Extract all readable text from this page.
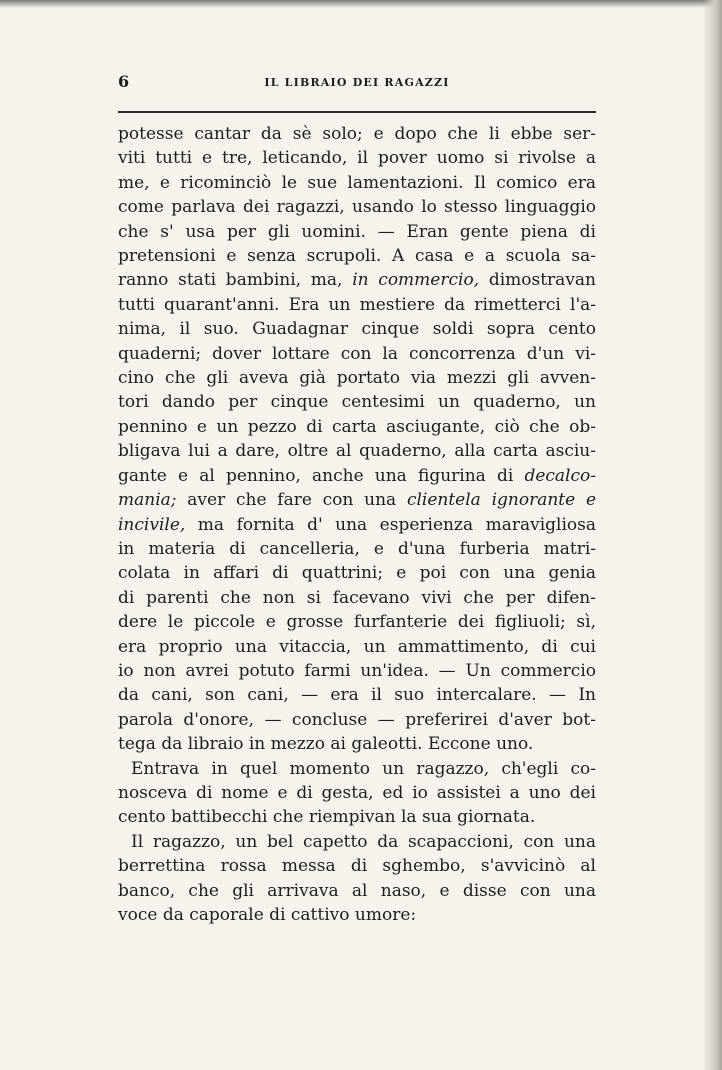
6	IL LIBRAIO DEI RAGAZZI
potesse cantar da sè solo; e dopo che li ebbe ser-
viti tutti e tre, leticando, il pover uomo si rivolse a
me, e ricominciò le sue lamentazioni. Il comico era
come parlava dei ragazzi, usando lo stesso linguaggio
che s' usa per gli uomini. — Eran gente piena di
pretensioni e senza scrupoli. A casa e a scuola sa-
ranno stati bambini, ma, in commercio, dimostravan
tutti quarant'anni. Era un mestiere da rimetterci l'a-
nima, il suo. Guadagnar cinque soldi sopra cento
quaderni; dover lottare con la concorrenza d'un vi-
cino che gli aveva già portato via mezzi gli avven-
tori dando per cinque centesimi un quaderno, un
pennino e un pezzo di carta asciugante, ciò che ob-
bligava lui a dare, oltre al quaderno, alla carta asciu-
gante e al pennino, anche una figurina di decalco-
mania; aver che fare con una clientela ignorante e
incivile, ma fornita d' una esperienza maravigliosa
in materia di cancelleria, e d'una furberia matri-
colata in affari di quattrini; e poi con una genia
di parenti che non si facevano vivi che per difen-
dere le piccole e grosse furfanterie dei figliuoli; sì,
era proprio una vitaccia, un ammattimento, di cui
io non avrei potuto farmi un'idea. — Un commercio
da cani, son cani, — era il suo intercalare. — In
parola d'onore, — concluse — preferirei d'aver bot-
tega da libraio in mezzo ai galeotti. Eccone uno.
Entrava in quel momento un ragazzo, ch'egli co-
nosceva di nome e di gesta, ed io assistei a uno dei
cento battibecchi che riempivan la sua giornata.
Il ragazzo, un bel capetto da scapaccioni, con una
berrettina rossa messa di sghembo, s'avvicinò al
banco, che gli arrivava al naso, e disse con una
voce da caporale di cattivo umore:
